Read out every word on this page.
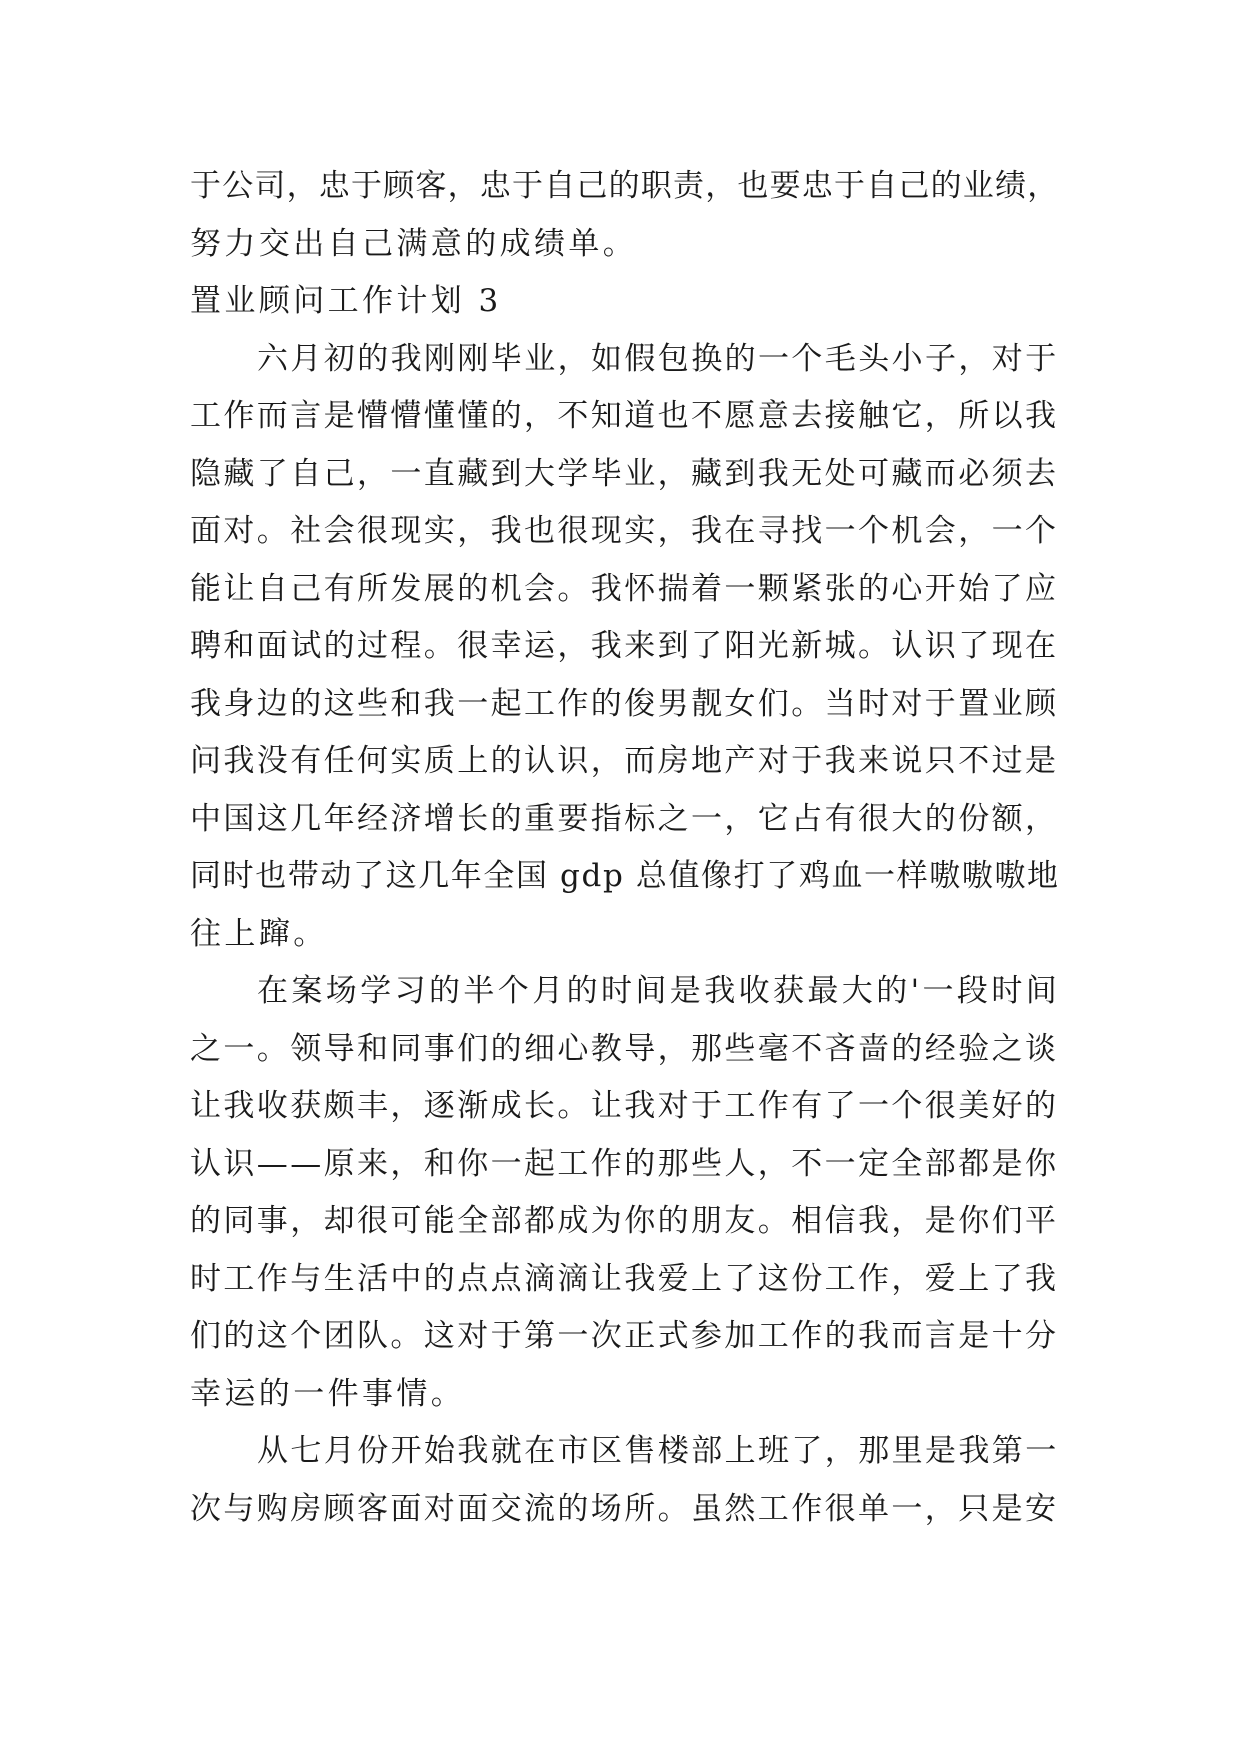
于公司，忠于顾客，忠于自己的职责，也要忠于自己的业绩，
努力交出自己满意的成绩单。
置业顾问工作计划 3
六月初的我刚刚毕业，如假包换的一个毛头小子，对于
工作而言是懵懵懂懂的，不知道也不愿意去接触它，所以我
隐藏了自己，一直藏到大学毕业，藏到我无处可藏而必须去
面对。社会很现实，我也很现实，我在寻找一个机会，一个
能让自己有所发展的机会。我怀揣着一颗紧张的心开始了应
聘和面试的过程。很幸运，我来到了阳光新城。认识了现在
我身边的这些和我一起工作的俊男靓女们。当时对于置业顾
问我没有任何实质上的认识，而房地产对于我来说只不过是
中国这几年经济增长的重要指标之一，它占有很大的份额，
同时也带动了这几年全国 gdp 总值像打了鸡血一样嗷嗷嗷地
往上蹿。
在案场学习的半个月的时间是我收获最大的'一段时间
之一。领导和同事们的细心教导，那些毫不吝啬的经验之谈
让我收获颇丰，逐渐成长。让我对于工作有了一个很美好的
认识——原来，和你一起工作的那些人，不一定全部都是你
的同事，却很可能全部都成为你的朋友。相信我，是你们平
时工作与生活中的点点滴滴让我爱上了这份工作，爱上了我
们的这个团队。这对于第一次正式参加工作的我而言是十分
幸运的一件事情。
从七月份开始我就在市区售楼部上班了，那里是我第一
次与购房顾客面对面交流的场所。虽然工作很单一，只是安
